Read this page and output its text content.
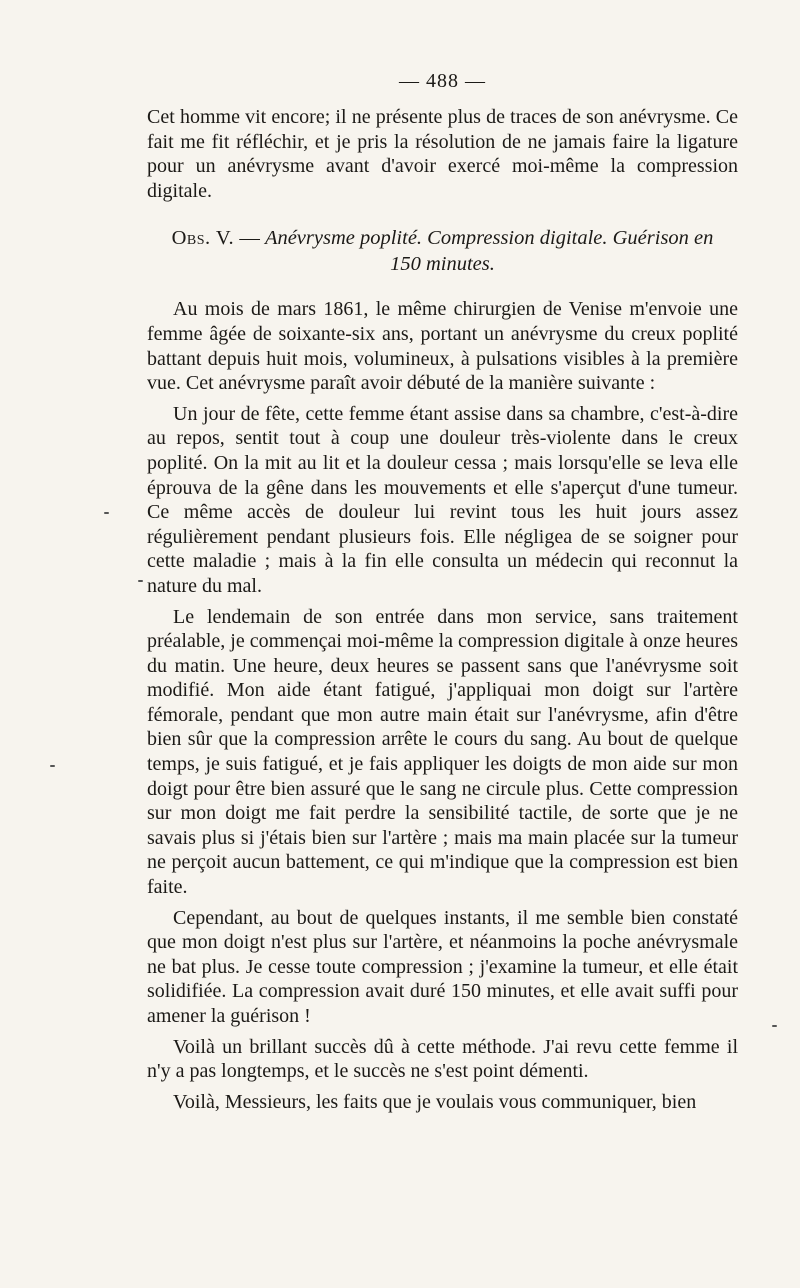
— 488 —

Cet homme vit encore; il ne présente plus de traces de son anévrysme. Ce fait me fit réfléchir, et je pris la résolution de ne jamais faire la ligature pour un anévrysme avant d'avoir exercé moi-même la compression digitale.

Obs. V. — Anévrysme poplité. Compression digitale. Guérison en
150 minutes.

Au mois de mars 1861, le même chirurgien de Venise m'envoie une femme âgée de soixante-six ans, portant un anévrysme du creux poplité battant depuis huit mois, volumineux, à pulsations visibles à la première vue. Cet anévrysme paraît avoir débuté de la manière suivante :

Un jour de fête, cette femme étant assise dans sa chambre, c'est-à-dire au repos, sentit tout à coup une douleur très-violente dans le creux poplité. On la mit au lit et la douleur cessa ; mais lorsqu'elle se leva elle éprouva de la gêne dans les mouvements et elle s'aperçut d'une tumeur. Ce même accès de douleur lui revint tous les huit jours assez régulièrement pendant plusieurs fois. Elle négligea de se soigner pour cette maladie ; mais à la fin elle consulta un médecin qui reconnut la nature du mal.

Le lendemain de son entrée dans mon service, sans traitement préalable, je commençai moi-même la compression digitale à onze heures du matin. Une heure, deux heures se passent sans que l'anévrysme soit modifié. Mon aide étant fatigué, j'appliquai mon doigt sur l'artère fémorale, pendant que mon autre main était sur l'anévrysme, afin d'être bien sûr que la compression arrête le cours du sang. Au bout de quelque temps, je suis fatigué, et je fais appliquer les doigts de mon aide sur mon doigt pour être bien assuré que le sang ne circule plus. Cette compression sur mon doigt me fait perdre la sensibilité tactile, de sorte que je ne savais plus si j'étais bien sur l'artère ; mais ma main placée sur la tumeur ne perçoit aucun battement, ce qui m'indique que la compression est bien faite.

Cependant, au bout de quelques instants, il me semble bien constaté que mon doigt n'est plus sur l'artère, et néanmoins la poche anévrysmale ne bat plus. Je cesse toute compression ; j'examine la tumeur, et elle était solidifiée. La compression avait duré 150 minutes, et elle avait suffi pour amener la guérison !

Voilà un brillant succès dû à cette méthode. J'ai revu cette femme il n'y a pas longtemps, et le succès ne s'est point démenti.

Voilà, Messieurs, les faits que je voulais vous communiquer, bien
